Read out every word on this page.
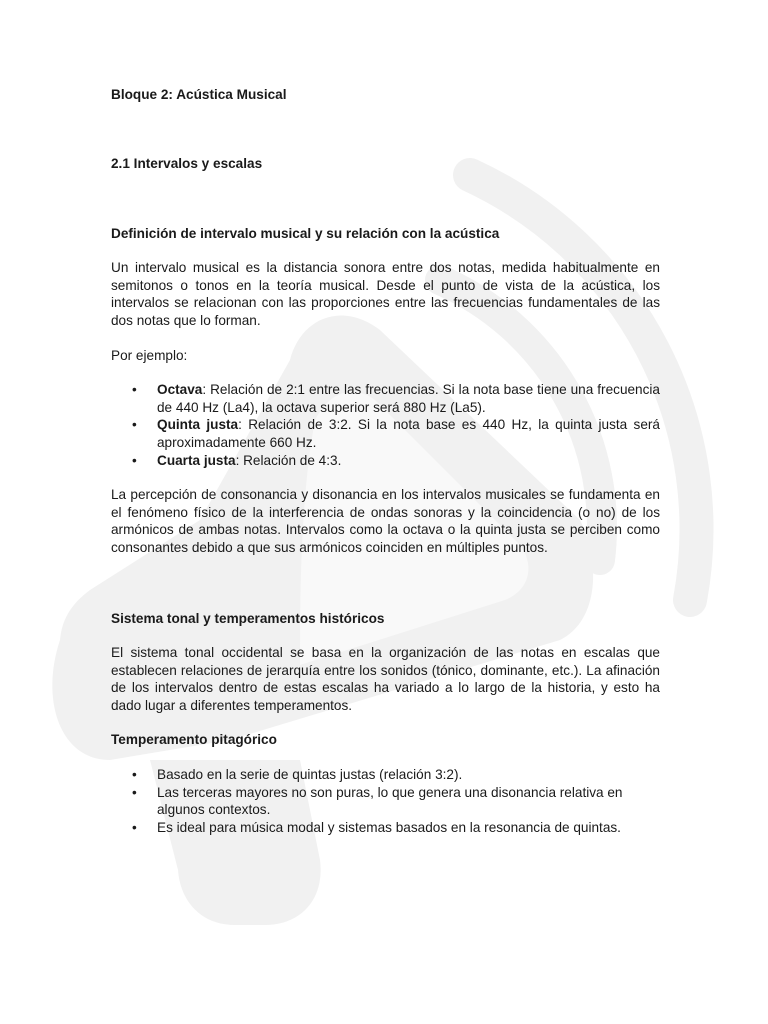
Bloque 2: Acústica Musical
2.1 Intervalos y escalas
Definición de intervalo musical y su relación con la acústica

Un intervalo musical es la distancia sonora entre dos notas, medida habitualmente en semitonos o tonos en la teoría musical. Desde el punto de vista de la acústica, los intervalos se relacionan con las proporciones entre las frecuencias fundamentales de las dos notas que lo forman.

Por ejemplo:

• Octava: Relación de 2:1 entre las frecuencias. Si la nota base tiene una frecuencia de 440 Hz (La4), la octava superior será 880 Hz (La5).
• Quinta justa: Relación de 3:2. Si la nota base es 440 Hz, la quinta justa será aproximadamente 660 Hz.
• Cuarta justa: Relación de 4:3.

La percepción de consonancia y disonancia en los intervalos musicales se fundamenta en el fenómeno físico de la interferencia de ondas sonoras y la coincidencia (o no) de los armónicos de ambas notas. Intervalos como la octava o la quinta justa se perciben como consonantes debido a que sus armónicos coinciden en múltiples puntos.

Sistema tonal y temperamentos históricos

El sistema tonal occidental se basa en la organización de las notas en escalas que establecen relaciones de jerarquía entre los sonidos (tónico, dominante, etc.). La afinación de los intervalos dentro de estas escalas ha variado a lo largo de la historia, y esto ha dado lugar a diferentes temperamentos.

Temperamento pitagórico
• Basado en la serie de quintas justas (relación 3:2).
• Las terceras mayores no son puras, lo que genera una disonancia relativa en algunos contextos.
• Es ideal para música modal y sistemas basados en la resonancia de quintas.
